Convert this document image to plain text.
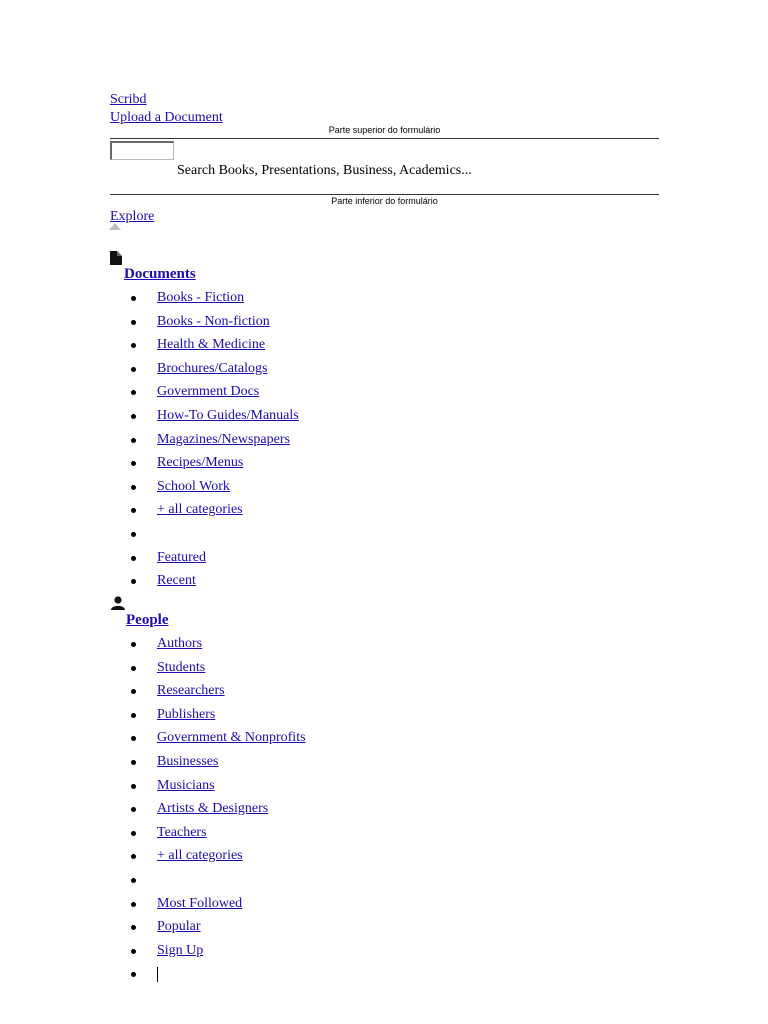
Scribd
Upload a Document
Parte superior do formulário
Search Books, Presentations, Business, Academics...
Parte inferior do formulário
Explore
Documents
Books - Fiction
Books - Non-fiction
Health & Medicine
Brochures/Catalogs
Government Docs
How-To Guides/Manuals
Magazines/Newspapers
Recipes/Menus
School Work
+ all categories
Featured
Recent
People
Authors
Students
Researchers
Publishers
Government & Nonprofits
Businesses
Musicians
Artists & Designers
Teachers
+ all categories
Most Followed
Popular
Sign Up
